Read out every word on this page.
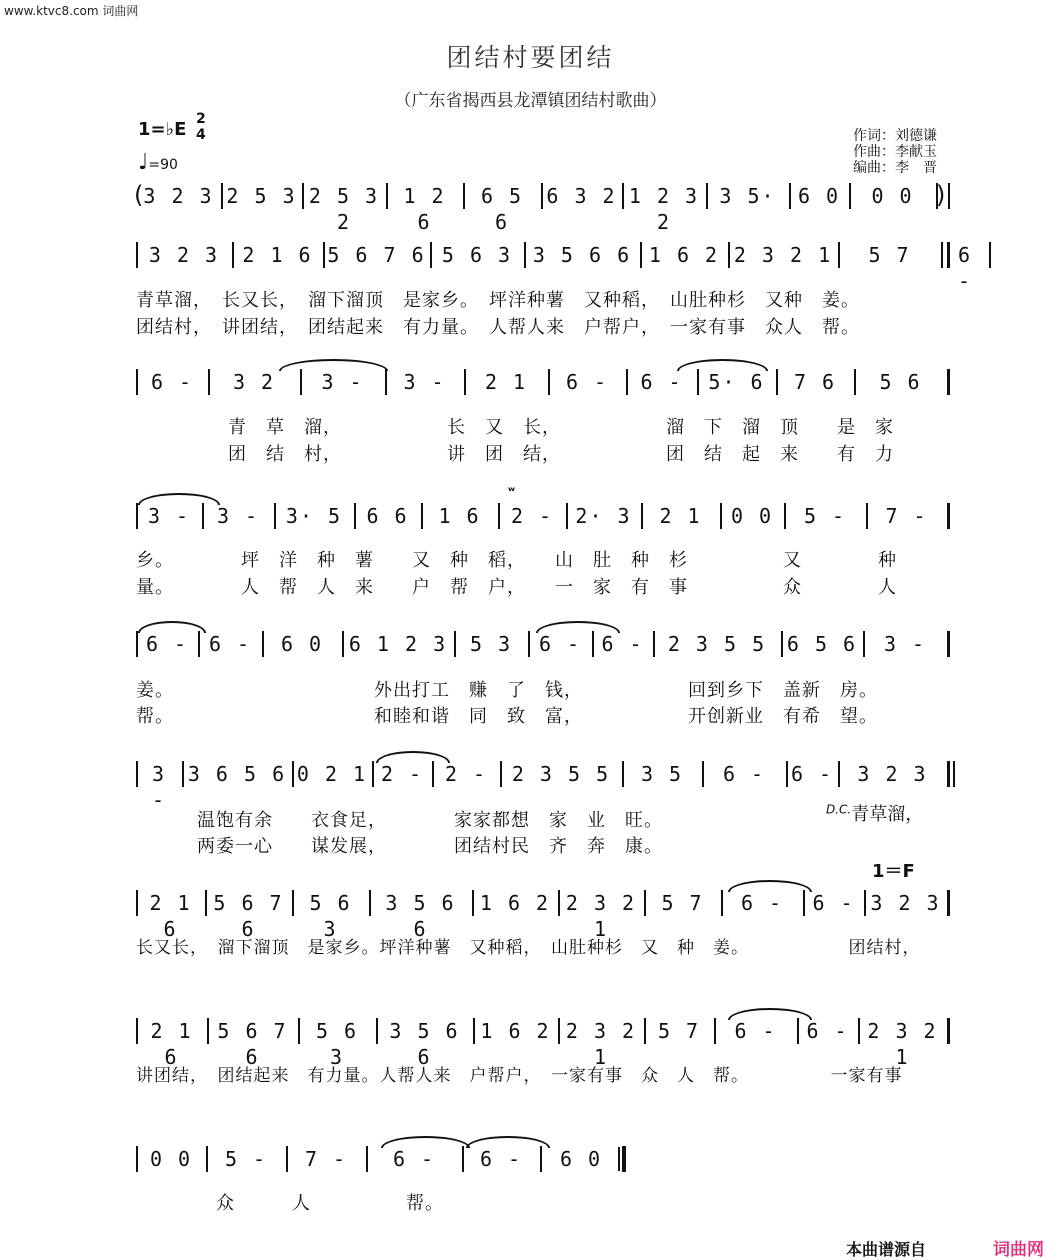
www.ktvc8.com 词曲网
团结村要团结
（广东省揭西县龙潭镇团结村歌曲）
1=♭E 2
4
♩=90
作词：刘德谦
作曲：李献玉
编曲：李　晋
3 2 3 2 5 3 2 5 3 2
1 2 6
6 5 6
6 3 2 1 2 3 2
3 5·	6 0	0 0
(	)
3 2 3	2 1 6 5 6 7 6 5 6 3	3 5 6 6 1 6 2 2 3 2 1	5 7	6 -
青草溜，　长又长，　溜下溜顶　是家乡。　坪洋种薯　又种稻，　山肚种杉　又种　姜。
团结村，　讲团结，　团结起来　有力量。　人帮人来　户帮户，　一家有事　众人　帮。
6 -	3 2	3 -	3 -	2 1	6 -	6 -	5· 6	7 6	5 6
青　草　溜，　　　　　　长　又　长，　　　　　　溜　下　溜　顶　　是　家
团　结　村，　　　　　　讲　团　结，　　　　　　团　结　起　来　　有　力
ʷ
3 -	3 -	3· 5	6 6	1 6	2 -	2· 3	2 1	0 0	5 -	7 -
乡。　　　　坪　洋　种　薯　　又　种　稻，　　山　肚　种　杉　　　　　又　　　　种
量。　　　　人　帮　人　来　　户　帮　户，　　一　家　有　事　　　　　众　　　　人
6 -	6 -	6 0	6 1 2 3	5 3	6 -	6 -	2 3 5 5	6 5 6	3 -
姜。　　　　　　　　　　　外出打工　赚　了　钱，　　　　　　回到乡下　盖新　房。
帮。　　　　　　　　　　　和睦和谐　同　致　富，　　　　　　开创新业　有希　望。
3 -
3 6 5 6 0 2 1 2 -	2 -	2 3 5 5	3 5	6 -	6 -	3 2 3
温饱有余　　衣食足，　　　　家家都想　家　业　旺。
两委一心　　谋发展，　　　　团结村民　齐　奔　康。
$^{D.C.}$青草溜，
1＝F
2 1 6
5 6 7 6
5 6 3
3 5 6 6
1 6 2 2 3 2 1
5 7	6 -	6 - 3 2 3
长又长，　溜下溜顶　是家乡。坪洋种薯　又种稻，　山肚种杉　又　种　姜。　　　　　　团结村，
2 1 6
5 6 7 6
5 6 3
3 5 6 6
1 6 2 2 3 2 1
5 7	6 -	6 - 2 3 2 1
讲团结，　团结起来　有力量。人帮人来　户帮户，　一家有事　众　人　帮。　　　　　一家有事
0 0	5 -	7 -	6 -	6 -	6 0
众　　　人　　　　　帮。
本曲谱源自	词曲网
